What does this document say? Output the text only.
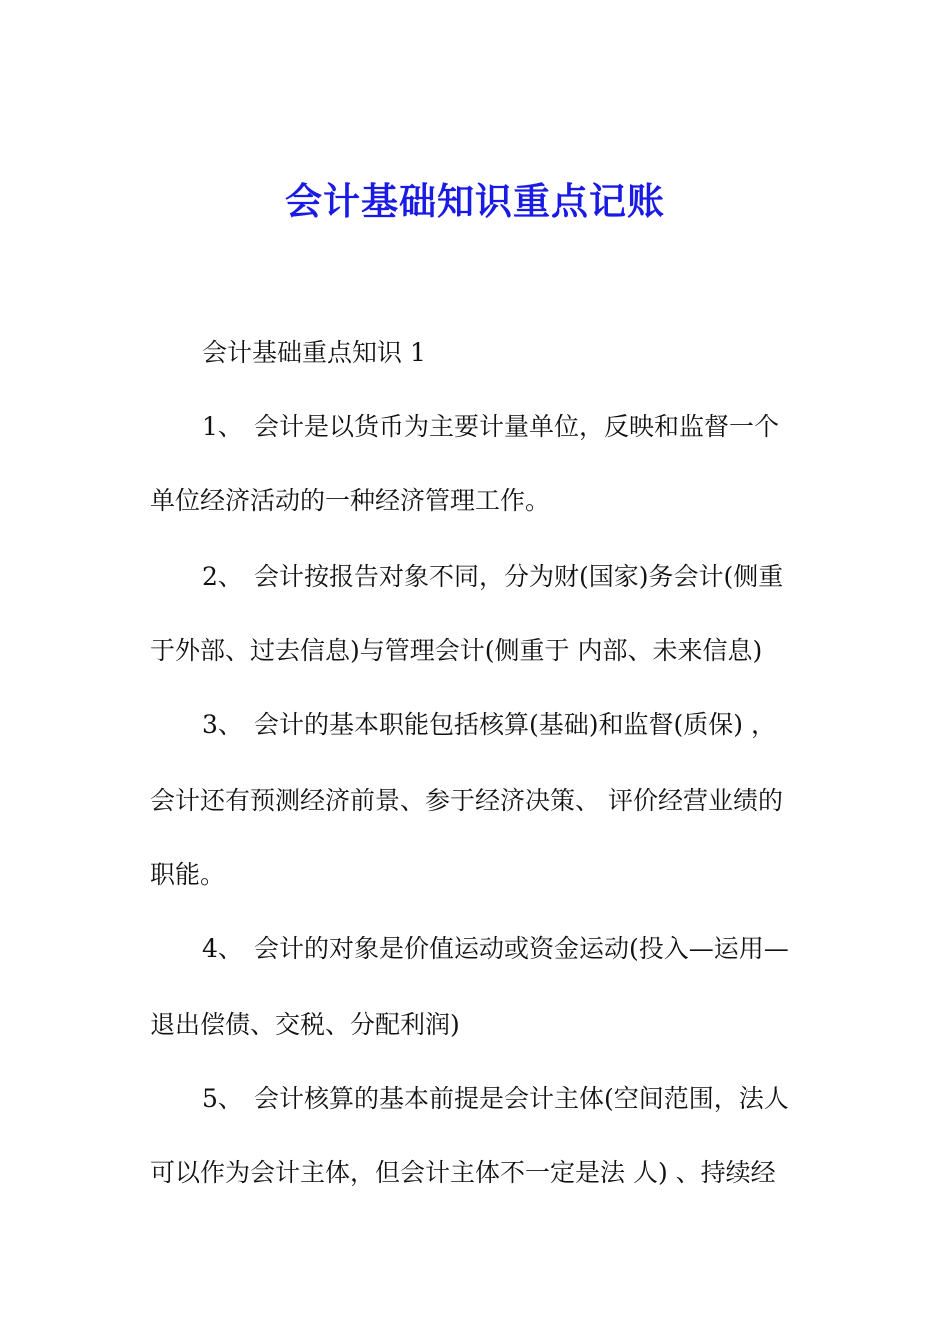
会计基础知识重点记账
会计基础重点知识 1
1、 会计是以货币为主要计量单位，反映和监督一个
单位经济活动的一种经济管理工作。
2、 会计按报告对象不同，分为财(国家)务会计(侧重
于外部、过去信息)与管理会计(侧重于 内部、未来信息)
3、 会计的基本职能包括核算(基础)和监督(质保) ，
会计还有预测经济前景、参于经济决策、 评价经营业绩的
职能。
4、 会计的对象是价值运动或资金运动(投入—运用—
退出偿债、交税、分配利润)
5、 会计核算的基本前提是会计主体(空间范围，法人
可以作为会计主体，但会计主体不一定是法 人) 、持续经
